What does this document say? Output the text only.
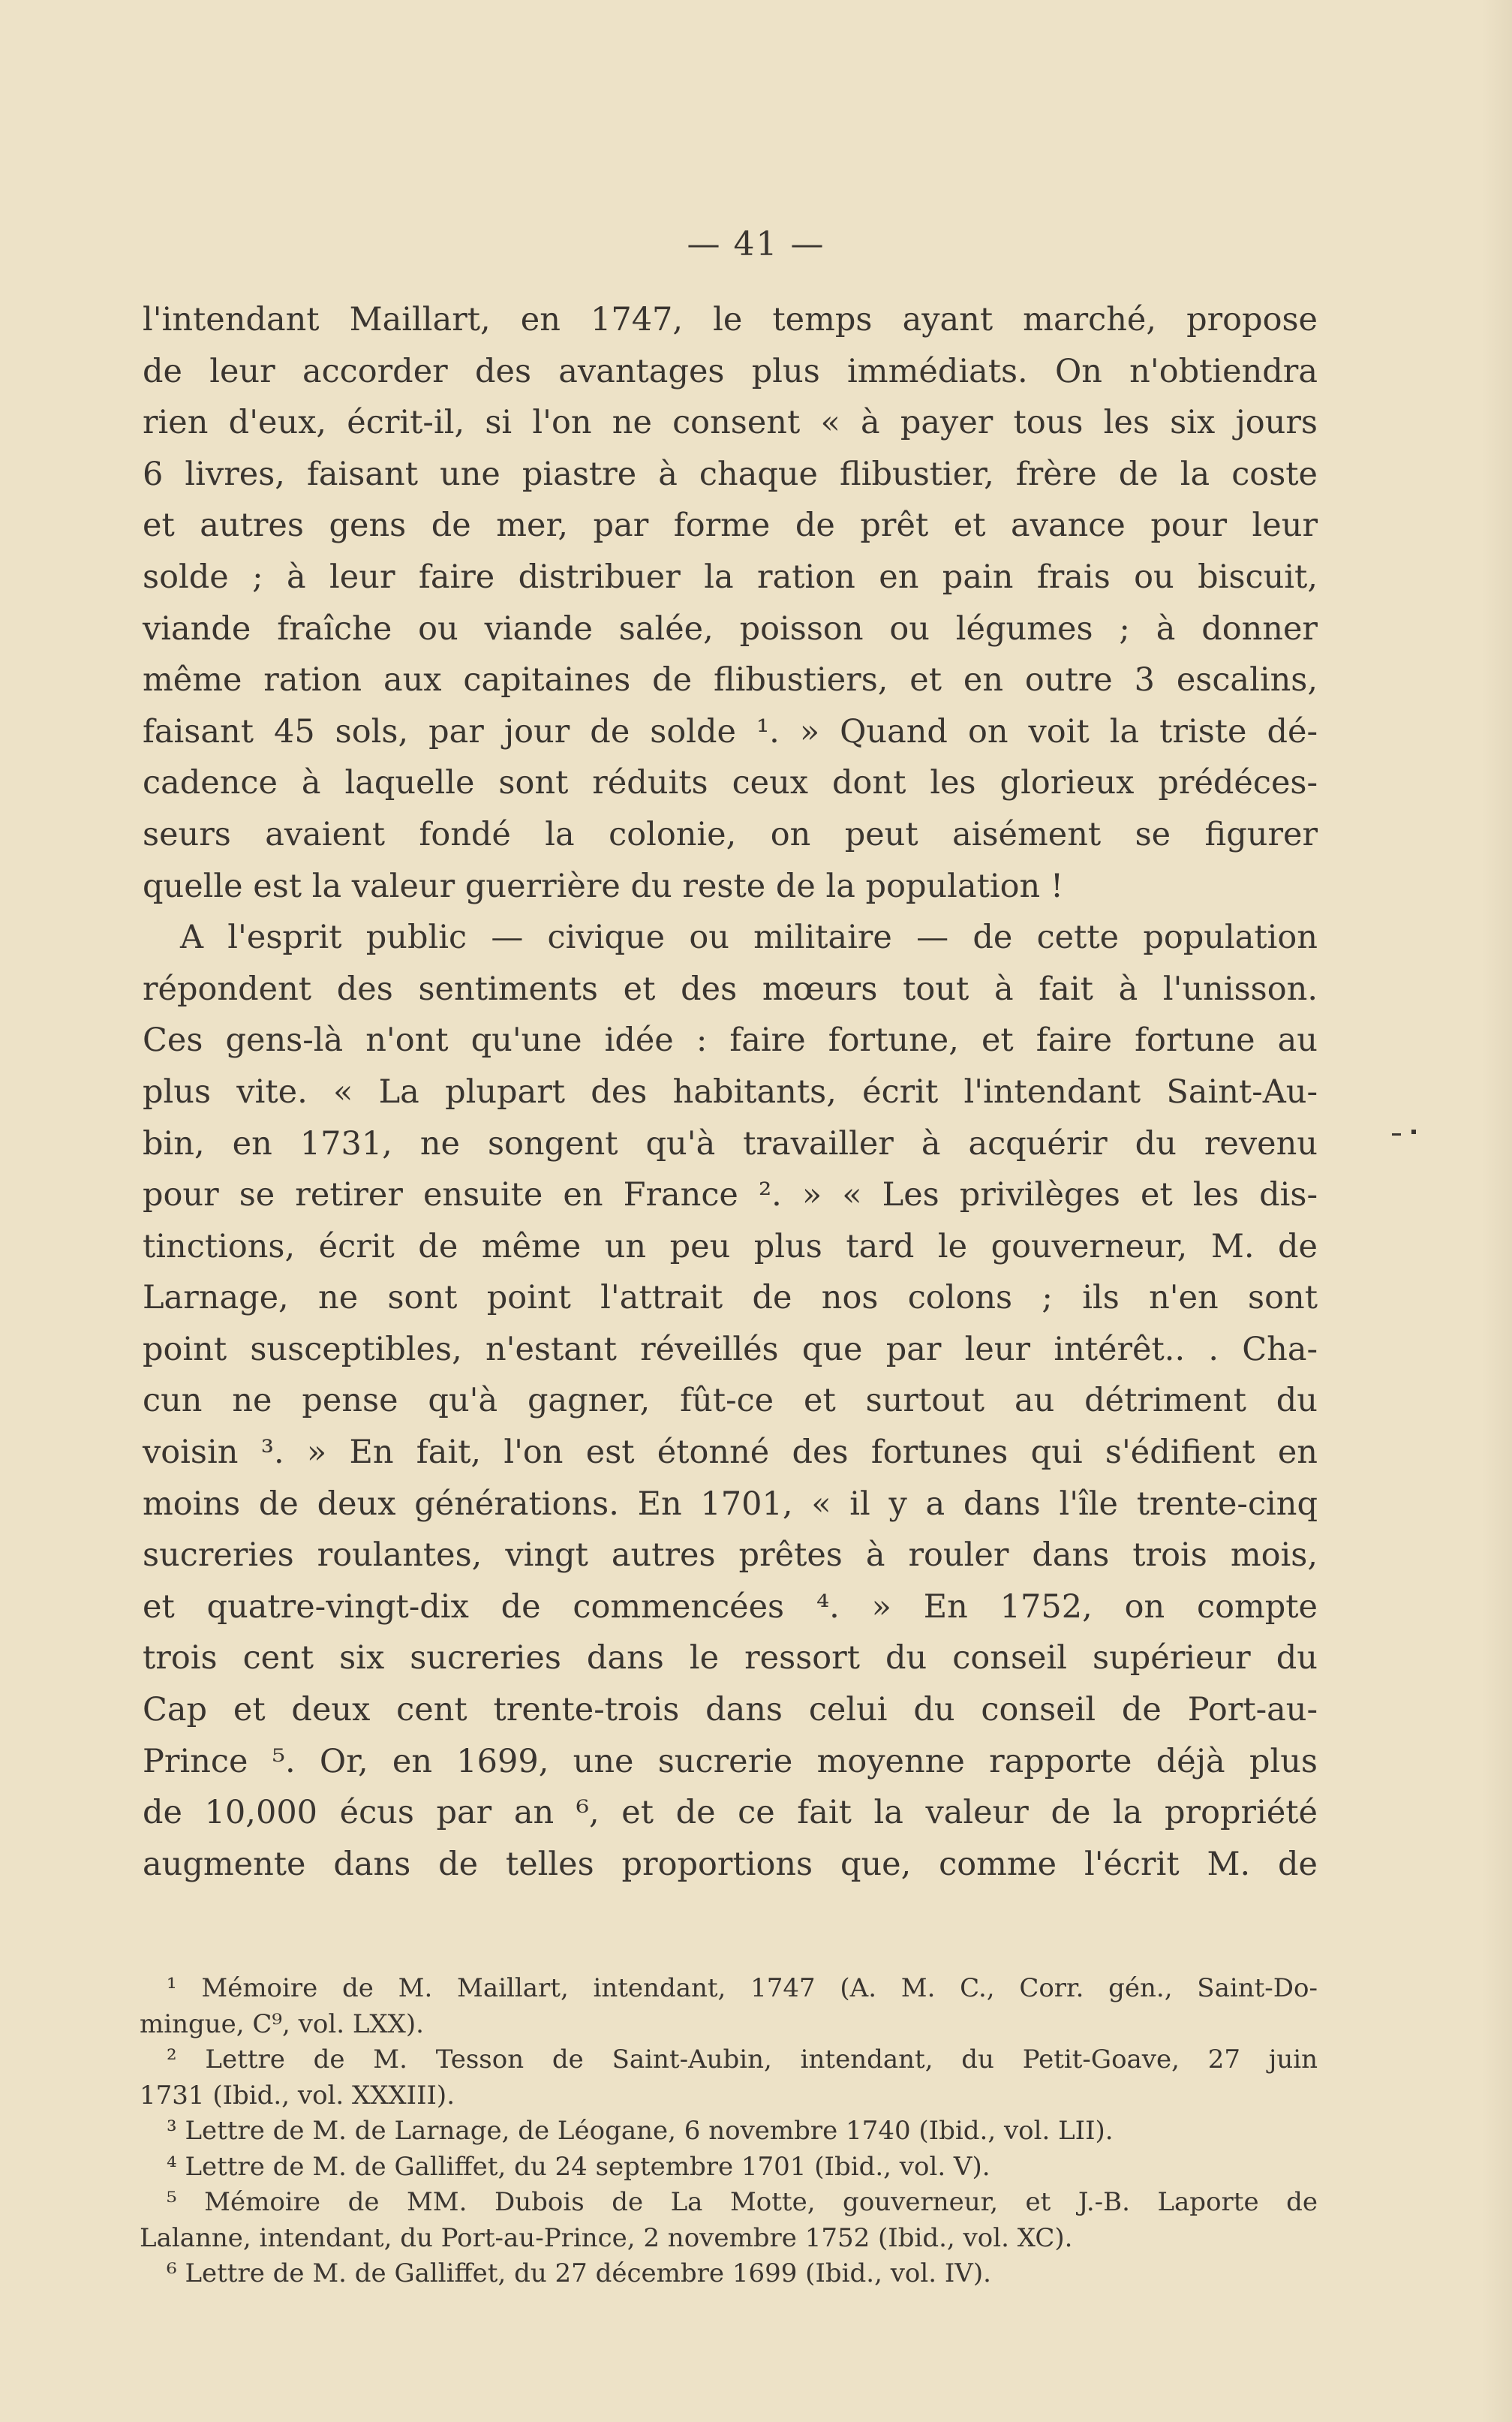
— 41 —
l'intendant Maillart, en 1747, le temps ayant marché, propose
de leur accorder des avantages plus immédiats. On n'obtiendra
rien d'eux, écrit-il, si l'on ne consent « à payer tous les six jours
6 livres, faisant une piastre à chaque flibustier, frère de la coste
et autres gens de mer, par forme de prêt et avance pour leur
solde ; à leur faire distribuer la ration en pain frais ou biscuit,
viande fraîche ou viande salée, poisson ou légumes ; à donner
même ration aux capitaines de flibustiers, et en outre 3 escalins,
faisant 45 sols, par jour de solde ¹. » Quand on voit la triste dé-
cadence à laquelle sont réduits ceux dont les glorieux prédéces-
seurs avaient fondé la colonie, on peut aisément se figurer
quelle est la valeur guerrière du reste de la population !
A l'esprit public — civique ou militaire — de cette population
répondent des sentiments et des mœurs tout à fait à l'unisson.
Ces gens-là n'ont qu'une idée : faire fortune, et faire fortune au
plus vite. « La plupart des habitants, écrit l'intendant Saint-Au-
bin, en 1731, ne songent qu'à travailler à acquérir du revenu
pour se retirer ensuite en France ². » « Les privilèges et les dis-
tinctions, écrit de même un peu plus tard le gouverneur, M. de
Larnage, ne sont point l'attrait de nos colons ; ils n'en sont
point susceptibles, n'estant réveillés que par leur intérêt.. . Cha-
cun ne pense qu'à gagner, fût-ce et surtout au détriment du
voisin ³. » En fait, l'on est étonné des fortunes qui s'édifient en
moins de deux générations. En 1701, « il y a dans l'île trente-cinq
sucreries roulantes, vingt autres prêtes à rouler dans trois mois,
et quatre-vingt-dix de commencées ⁴. » En 1752, on compte
trois cent six sucreries dans le ressort du conseil supérieur du
Cap et deux cent trente-trois dans celui du conseil de Port-au-
Prince ⁵. Or, en 1699, une sucrerie moyenne rapporte déjà plus
de 10,000 écus par an ⁶, et de ce fait la valeur de la propriété
augmente dans de telles proportions que, comme l'écrit M. de
¹ Mémoire de M. Maillart, intendant, 1747 (A. M. C., Corr. gén., Saint-Do-
mingue, C⁹, vol. LXX).
² Lettre de M. Tesson de Saint-Aubin, intendant, du Petit-Goave, 27 juin
1731 (Ibid., vol. XXXIII).
³ Lettre de M. de Larnage, de Léogane, 6 novembre 1740 (Ibid., vol. LII).
⁴ Lettre de M. de Galliffet, du 24 septembre 1701 (Ibid., vol. V).
⁵ Mémoire de MM. Dubois de La Motte, gouverneur, et J.-B. Laporte de
Lalanne, intendant, du Port-au-Prince, 2 novembre 1752 (Ibid., vol. XC).
⁶ Lettre de M. de Galliffet, du 27 décembre 1699 (Ibid., vol. IV).
